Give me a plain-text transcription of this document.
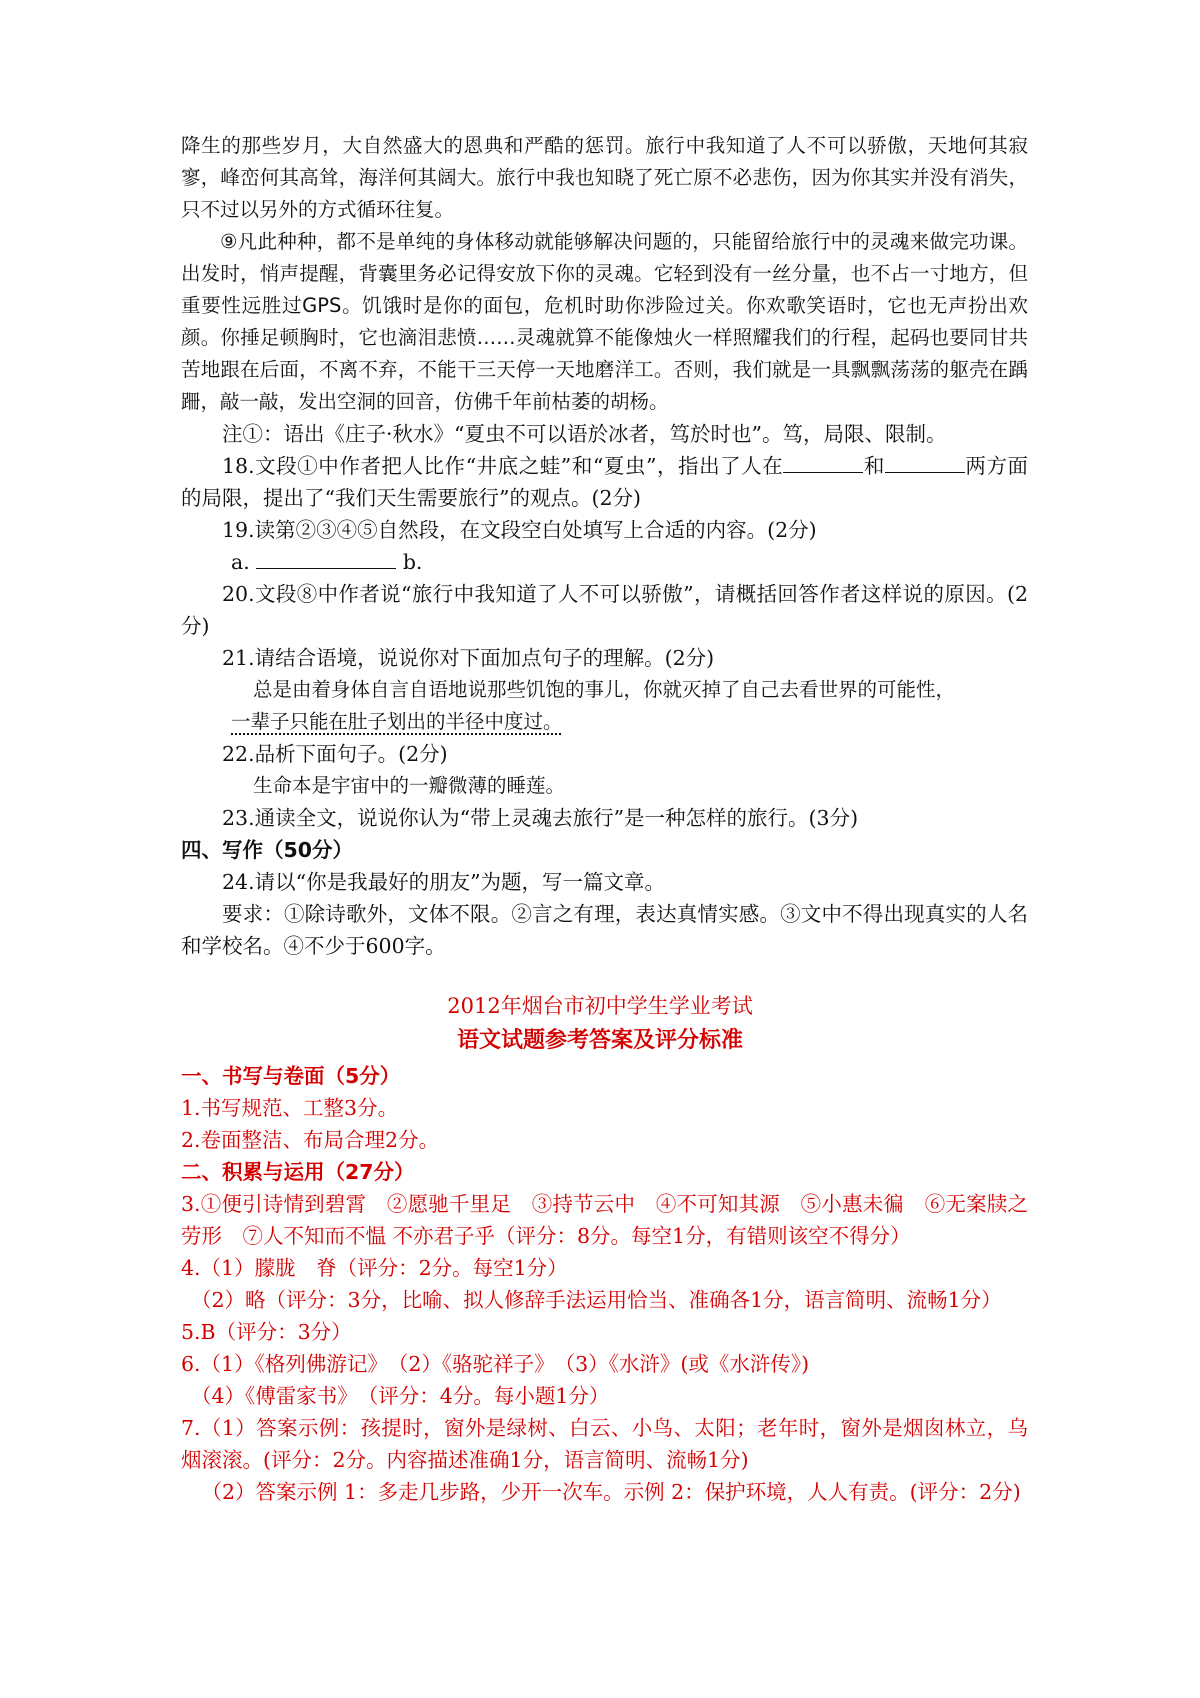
降生的那些岁月，大自然盛大的恩典和严酷的惩罚。旅行中我知道了人不可以骄傲，天地何其寂寥，峰峦何其高耸，海洋何其阔大。旅行中我也知晓了死亡原不必悲伤，因为你其实并没有消失，只不过以另外的方式循环往复。

⑨凡此种种，都不是单纯的身体移动就能够解决问题的，只能留给旅行中的灵魂来做完功课。出发时，悄声提醒，背囊里务必记得安放下你的灵魂。它轻到没有一丝分量，也不占一寸地方，但重要性远胜过GPS。饥饿时是你的面包，危机时助你涉险过关。你欢歌笑语时，它也无声扮出欢颜。你捶足顿胸时，它也滴泪悲愤……灵魂就算不能像烛火一样照耀我们的行程，起码也要同甘共苦地跟在后面，不离不弃，不能干三天停一天地磨洋工。否则，我们就是一具飘飘荡荡的躯壳在踽跚，敲一敲，发出空洞的回音，仿佛千年前枯萎的胡杨。

注①：语出《庄子·秋水》“夏虫不可以语於冰者，笃於时也”。笃，局限、限制。

18.文段①中作者把人比作“井底之蛙”和“夏虫”，指出了人在	和	两方面的局限，提出了“我们天生需要旅行”的观点。(2分)

19.读第②③④⑤自然段，在文段空白处填写上合适的内容。(2分)

a.	b.

20.文段⑧中作者说“旅行中我知道了人不可以骄傲”，请概括回答作者这样说的原因。(2分)

21.请结合语境，说说你对下面加点句子的理解。(2分)

总是由着身体自言自语地说那些饥饱的事儿，你就灭掉了自己去看世界的可能性，

一辈子只能在肚子划出的半径中度过。

22.品析下面句子。(2分)

生命本是宇宙中的一瓣微薄的睡莲。

23.通读全文，说说你认为“带上灵魂去旅行”是一种怎样的旅行。(3分)

四、写作（50分）

24.请以“你是我最好的朋友”为题，写一篇文章。

要求：①除诗歌外，文体不限。②言之有理，表达真情实感。③文中不得出现真实的人名和学校名。④不少于600字。

2012年烟台市初中学生学业考试

语文试题参考答案及评分标准

一、书写与卷面（5分）

1.书写规范、工整3分。

2.卷面整洁、布局合理2分。

二、积累与运用（27分）

3.①便引诗情到碧霄　②愿驰千里足　③持节云中　④不可知其源　⑤小惠未徧　⑥无案牍之劳形　⑦人不知而不愠 不亦君子乎（评分：8分。每空1分，有错则该空不得分）

4.（1）朦胧　脊（评分：2分。每空1分）

（2）略（评分：3分，比喻、拟人修辞手法运用恰当、准确各1分，语言简明、流畅1分）

5.B（评分：3分）

6.（1）《格列佛游记》　（2）《骆驼祥子》　（3）《水浒》(或《水浒传》)

（4）《傅雷家书》　（评分：4分。每小题1分）

7.（1）答案示例：孩提时，窗外是绿树、白云、小鸟、太阳；老年时，窗外是烟囱林立，乌烟滚滚。(评分：2分。内容描述准确1分，语言简明、流畅1分)

（2）答案示例 1：多走几步路，少开一次车。示例 2：保护环境，人人有责。(评分：2分)
